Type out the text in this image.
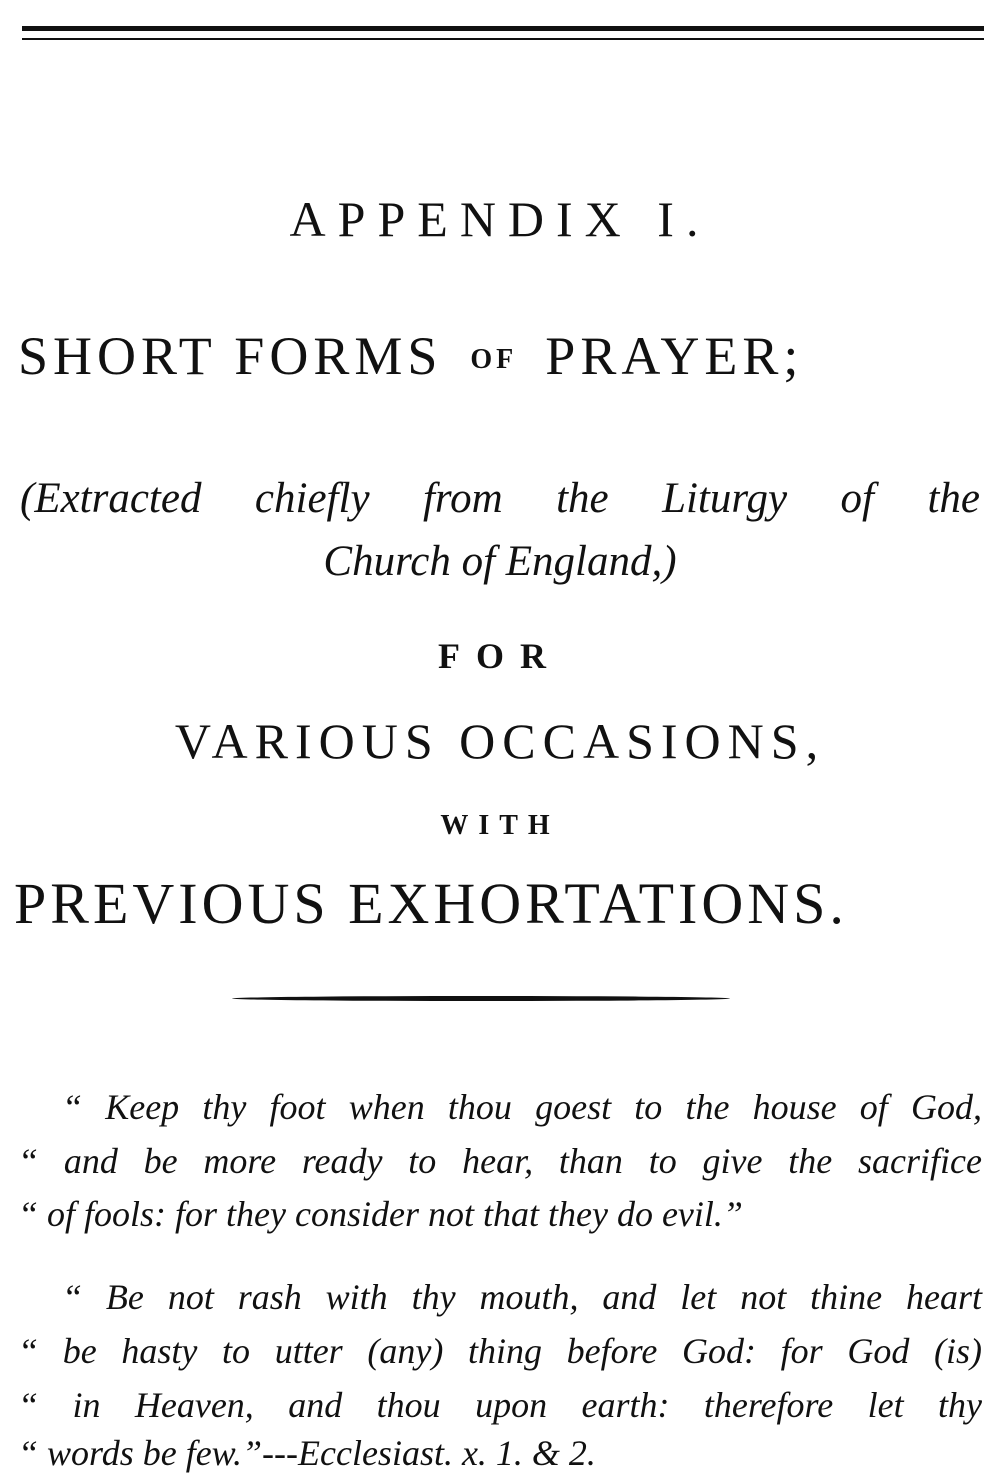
APPENDIX I.
SHORT FORMS OF PRAYER;
(Extracted chiefly from the Liturgy of the
Church of England,)
FOR
VARIOUS OCCASIONS,
WITH
PREVIOUS EXHORTATIONS.
“ Keep thy foot when thou goest to the house of God,
“ and be more ready to hear, than to give the sacrifice
“ of fools: for they consider not that they do evil.”
“ Be not rash with thy mouth, and let not thine heart
“ be hasty to utter (any) thing before God: for God (is)
“ in Heaven, and thou upon earth: therefore let thy
“ words be few.”---Ecclesiast. x. 1. & 2.
